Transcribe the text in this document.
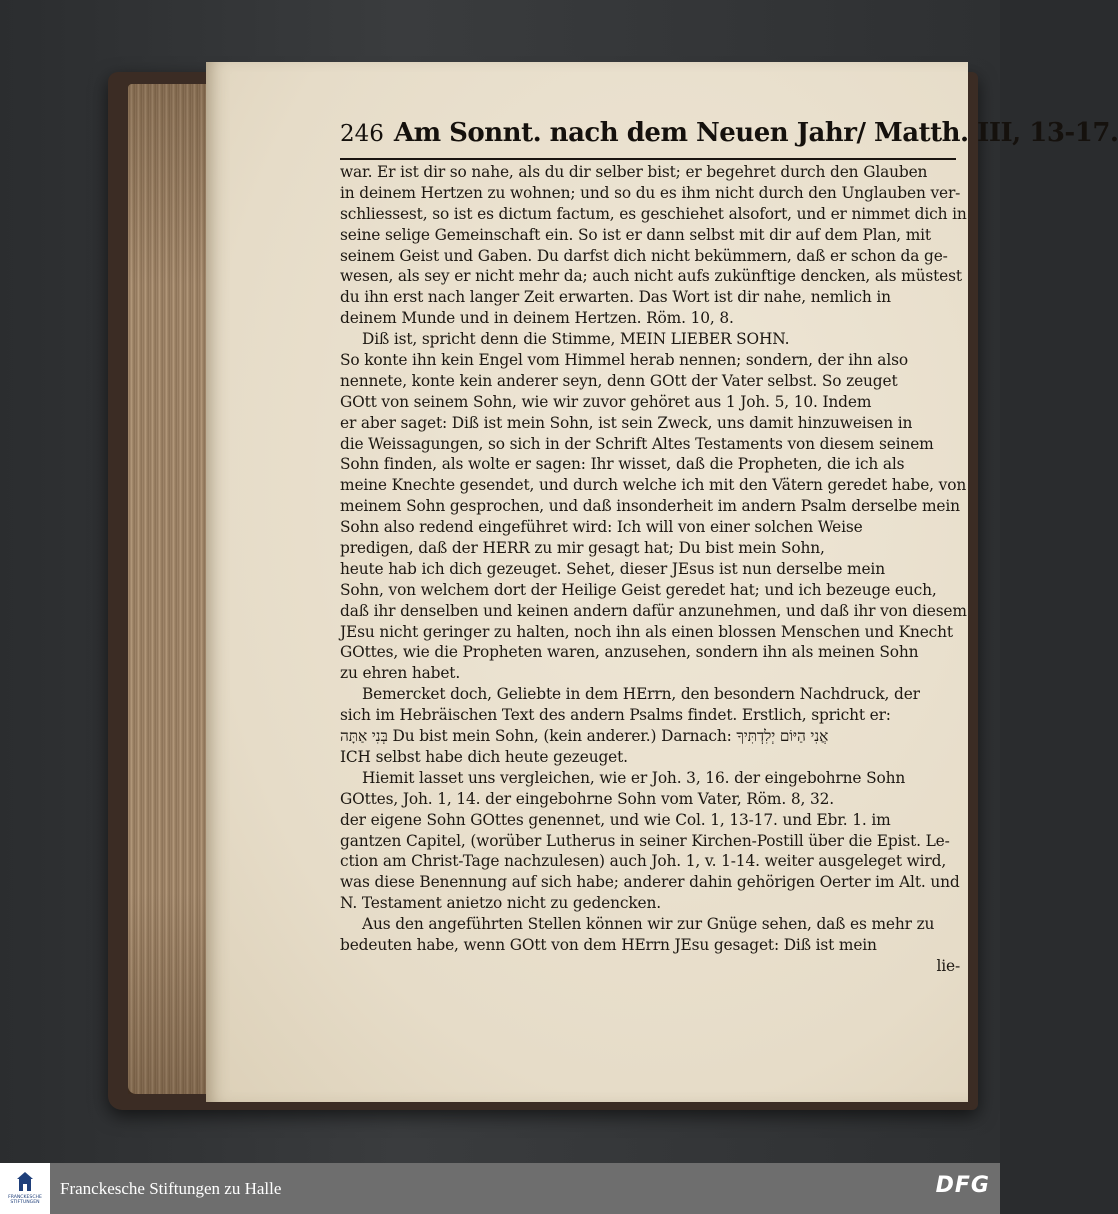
246 Am Sonnt. nach dem Neuen Jahr/ Matth. III, 13-17.
war. Er ist dir so nahe, als du dir selber bist; er begehret durch den Glauben
in deinem Hertzen zu wohnen; und so du es ihm nicht durch den Unglauben ver-
schliessest, so ist es dictum factum, es geschiehet alsofort, und er nimmet dich in
seine selige Gemeinschaft ein. So ist er dann selbst mit dir auf dem Plan, mit
seinem Geist und Gaben. Du darfst dich nicht bekümmern, daß er schon da ge-
wesen, als sey er nicht mehr da; auch nicht aufs zukünftige dencken, als müstest
du ihn erst nach langer Zeit erwarten. Das Wort ist dir nahe, nemlich in
deinem Munde und in deinem Hertzen. Röm. 10, 8.
Diß ist, spricht denn die Stimme, MEIN LIEBER SOHN.
So konte ihn kein Engel vom Himmel herab nennen; sondern, der ihn also
nennete, konte kein anderer seyn, denn GOtt der Vater selbst. So zeuget
GOtt von seinem Sohn, wie wir zuvor gehöret aus 1 Joh. 5, 10. Indem
er aber saget: Diß ist mein Sohn, ist sein Zweck, uns damit hinzuweisen in
die Weissagungen, so sich in der Schrift Altes Testaments von diesem seinem
Sohn finden, als wolte er sagen: Ihr wisset, daß die Propheten, die ich als
meine Knechte gesendet, und durch welche ich mit den Vätern geredet habe, von
meinem Sohn gesprochen, und daß insonderheit im andern Psalm derselbe mein
Sohn also redend eingeführet wird: Ich will von einer solchen Weise
predigen, daß der HERR zu mir gesagt hat; Du bist mein Sohn,
heute hab ich dich gezeuget. Sehet, dieser JEsus ist nun derselbe mein
Sohn, von welchem dort der Heilige Geist geredet hat; und ich bezeuge euch,
daß ihr denselben und keinen andern dafür anzunehmen, und daß ihr von diesem
JEsu nicht geringer zu halten, noch ihn als einen blossen Menschen und Knecht
GOttes, wie die Propheten waren, anzusehen, sondern ihn als meinen Sohn
zu ehren habet.
Bemercket doch, Geliebte in dem HErrn, den besondern Nachdruck, der
sich im Hebräischen Text des andern Psalms findet. Erstlich, spricht er:
בְּנִי אַתָּה Du bist mein Sohn, (kein anderer.) Darnach: אֲנִי הַיּוֹם יְלִדְתִּיךָ
ICH selbst habe dich heute gezeuget.
Hiemit lasset uns vergleichen, wie er Joh. 3, 16. der eingebohrne Sohn
GOttes, Joh. 1, 14. der eingebohrne Sohn vom Vater, Röm. 8, 32.
der eigene Sohn GOttes genennet, und wie Col. 1, 13-17. und Ebr. 1. im
gantzen Capitel, (worüber Lutherus in seiner Kirchen-Postill über die Epist. Le-
ction am Christ-Tage nachzulesen) auch Joh. 1, v. 1-14. weiter ausgeleget wird,
was diese Benennung auf sich habe; anderer dahin gehörigen Oerter im Alt. und
N. Testament anietzo nicht zu gedencken.
Aus den angeführten Stellen können wir zur Gnüge sehen, daß es mehr zu
bedeuten habe, wenn GOtt von dem HErrn JEsu gesaget: Diß ist mein
lie-
FRANCKESCHE
STIFTUNGEN
Franckesche Stiftungen zu Halle	DFG
